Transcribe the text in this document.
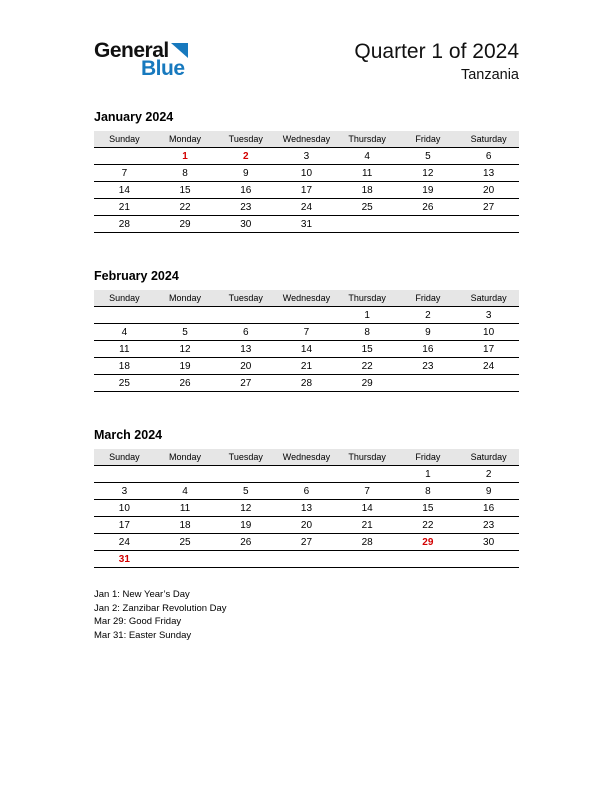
General
Blue
Quarter 1 of 2024
Tanzania
January 2024
Sunday	Monday	Tuesday	Wednesday	Thursday	Friday	Saturday
	1	2	3	4	5	6
7	8	9	10	11	12	13
14	15	16	17	18	19	20
21	22	23	24	25	26	27
28	29	30	31			
February 2024
Sunday	Monday	Tuesday	Wednesday	Thursday	Friday	Saturday
				1	2	3
4	5	6	7	8	9	10
11	12	13	14	15	16	17
18	19	20	21	22	23	24
25	26	27	28	29		
March 2024
Sunday	Monday	Tuesday	Wednesday	Thursday	Friday	Saturday
					1	2
3	4	5	6	7	8	9
10	11	12	13	14	15	16
17	18	19	20	21	22	23
24	25	26	27	28	29	30
31						
Jan 1: New Year’s Day
Jan 2: Zanzibar Revolution Day
Mar 29: Good Friday
Mar 31: Easter Sunday
